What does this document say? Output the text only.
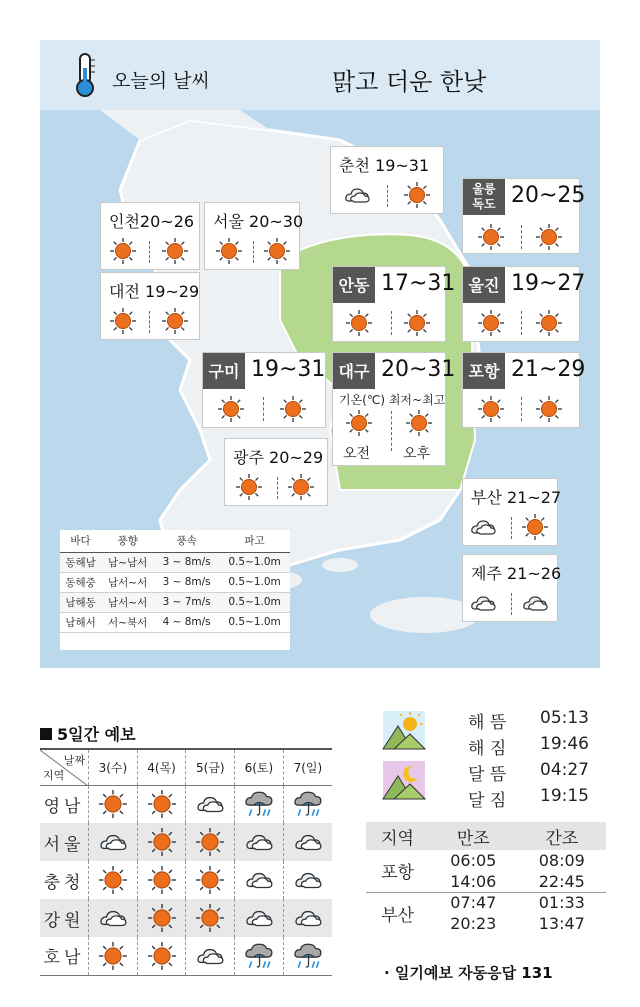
오늘의 날씨	맑고 더운 한낮
춘천 19~31
인천20~26 서울 20~30
대전 19~29
광주 20~29
부산 21~27
제주 21~26
울릉
독도 20~25
안동 17~31 울진 19~27
구미 19~31 대구 20~31
기온(℃) 최저~최고
오전 오후
포항 21~29
바다	풍향	풍속	파고
동해남	남~남서	3 ~ 8m/s	0.5~1.0m
동해중	남서~서	3 ~ 8m/s	0.5~1.0m
남해동	남서~서	3 ~ 7m/s	0.5~1.0m
남해서	서~북서	4 ~ 8m/s	0.5~1.0m
5일간 예보
날짜
지역	3(수)	4(목)	5(금)	6(토)	7(일)
영남					
서울					
충청					
강원					
호남					
해 뜸 05:13
해 짐 19:46
달 뜸 04:27
달 짐 19:15
지역	만조	간조
포항	06:05	08:09
	14:06	22:45
부산	07:47	01:33
	20:23	13:47
· 일기예보 자동응답 131
